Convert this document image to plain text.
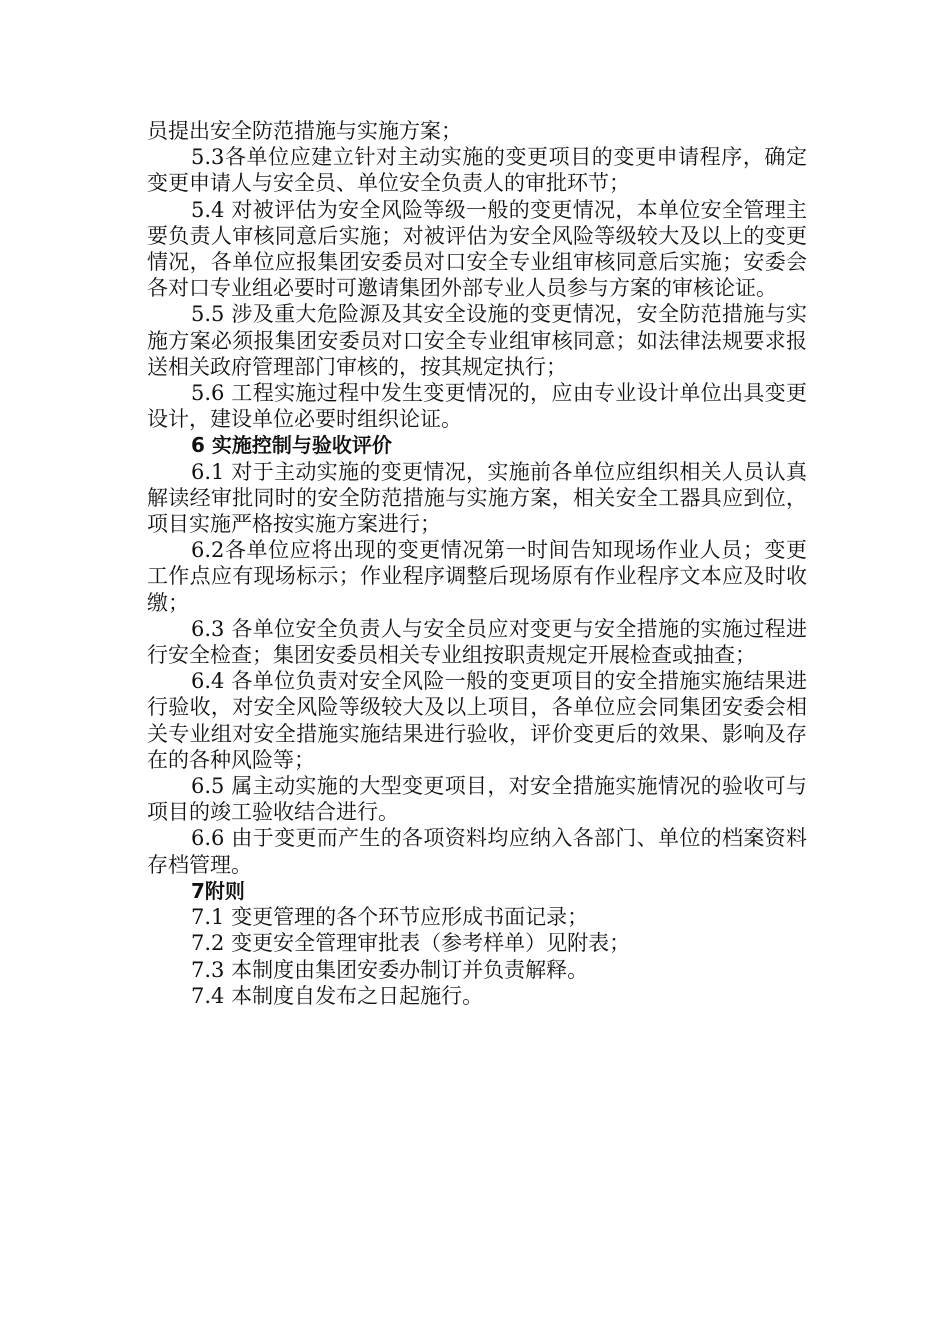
员提出安全防范措施与实施方案；

5.3各单位应建立针对主动实施的变更项目的变更申请程序，确定变更申请人与安全员、单位安全负责人的审批环节；

5.4 对被评估为安全风险等级一般的变更情况，本单位安全管理主要负责人审核同意后实施；对被评估为安全风险等级较大及以上的变更情况，各单位应报集团安委员对口安全专业组审核同意后实施；安委会各对口专业组必要时可邀请集团外部专业人员参与方案的审核论证。

5.5 涉及重大危险源及其安全设施的变更情况，安全防范措施与实施方案必须报集团安委员对口安全专业组审核同意；如法律法规要求报送相关政府管理部门审核的，按其规定执行；

5.6 工程实施过程中发生变更情况的，应由专业设计单位出具变更设计，建设单位必要时组织论证。

6 实施控制与验收评价

6.1 对于主动实施的变更情况，实施前各单位应组织相关人员认真解读经审批同时的安全防范措施与实施方案，相关安全工器具应到位，项目实施严格按实施方案进行；

6.2各单位应将出现的变更情况第一时间告知现场作业人员；变更工作点应有现场标示；作业程序调整后现场原有作业程序文本应及时收缴；

6.3 各单位安全负责人与安全员应对变更与安全措施的实施过程进行安全检查；集团安委员相关专业组按职责规定开展检查或抽查；

6.4 各单位负责对安全风险一般的变更项目的安全措施实施结果进行验收，对安全风险等级较大及以上项目，各单位应会同集团安委会相关专业组对安全措施实施结果进行验收，评价变更后的效果、影响及存在的各种风险等；

6.5 属主动实施的大型变更项目，对安全措施实施情况的验收可与项目的竣工验收结合进行。

6.6 由于变更而产生的各项资料均应纳入各部门、单位的档案资料存档管理。

7附则

7.1 变更管理的各个环节应形成书面记录；

7.2 变更安全管理审批表（参考样单）见附表；

7.3 本制度由集团安委办制订并负责解释。

7.4 本制度自发布之日起施行。
